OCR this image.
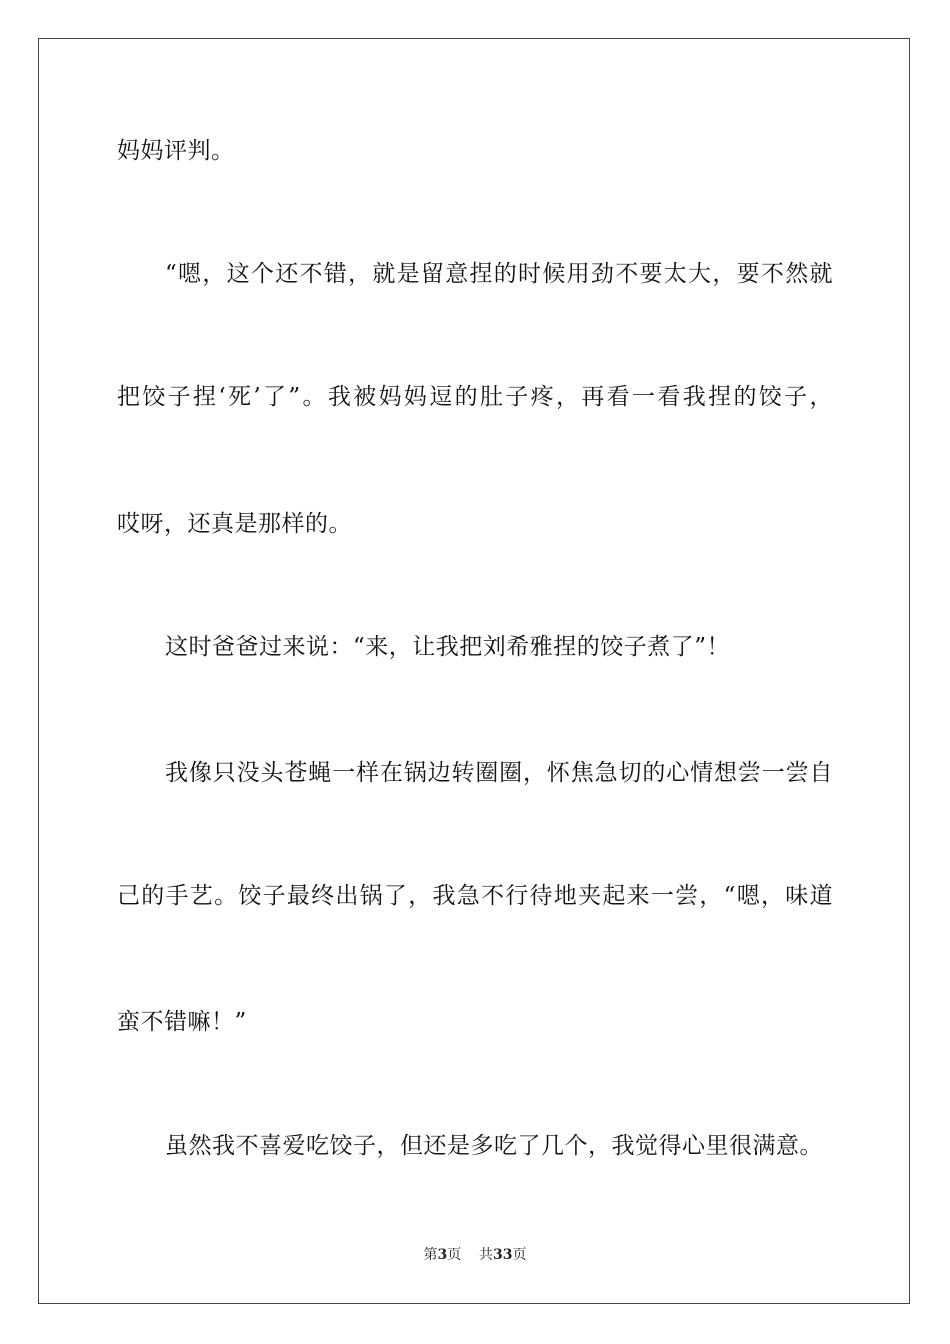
妈妈评判。
“嗯，这个还不错，就是留意捏的时候用劲不要太大，要不然就
把饺子捏‘死’了”。我被妈妈逗的肚子疼，再看一看我捏的饺子，
哎呀，还真是那样的。
这时爸爸过来说：“来，让我把刘希雅捏的饺子煮了”！
我像只没头苍蝇一样在锅边转圈圈，怀焦急切的心情想尝一尝自
己的手艺。饺子最终出锅了，我急不行待地夹起来一尝，“嗯，味道
蛮不错嘛！”
虽然我不喜爱吃饺子，但还是多吃了几个，我觉得心里很满意。
第3页 共33页
